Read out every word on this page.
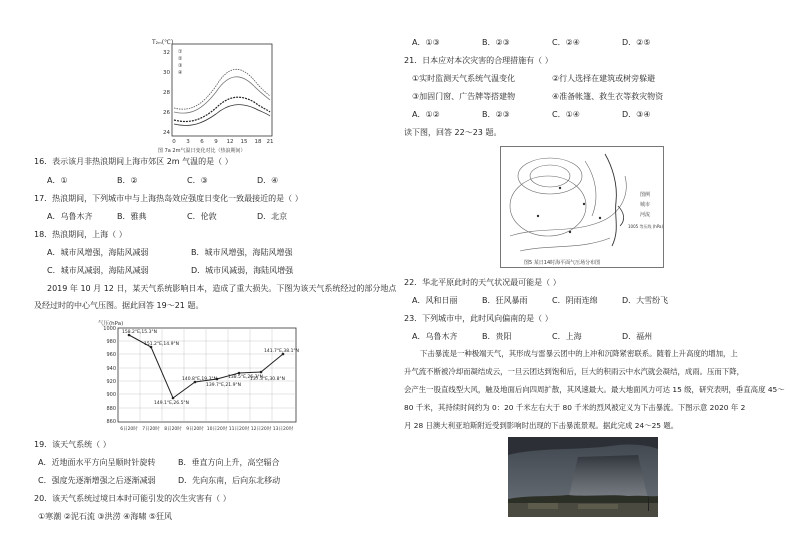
T₂ₘ(℃)
32
30
28
26
24
0 3 6 9 12 15 18 21
①
②
③
④
图 7a 2m气温日变化对比（热浪期间）
16．表示该月非热浪期间上海市郊区 2m 气温的是（ ）
A．①	B．②	C．③	D．④
17．热浪期间，下列城市中与上海热岛效应强度日变化一致最接近的是（ ）
A．乌鲁木齐	B．雅典	C．伦敦	D．北京
18．热浪期间，上海（ ）
A．城市风增强，海陆风减弱	B．城市风增强，海陆风增强
C．城市风减弱，海陆风减弱	D．城市风减弱，海陆风增强
2019 年 10 月 12 日，某天气系统影响日本，造成了重大损失。下图为该天气系统经过的部分地点
及经过时的中心气压图。据此回答 19～21 题。
气压(hPa)
1000
980
960
940
920
900
880
860
6日20时 7日20时 8日20时 9日20时 10日20时 11日20时 12日20时 13日20时
158.2°E,15.3°N
151.2°E,14.9°N
149.1°E,26.5°N
140.8°E,19.3°N
139.7°E,21.9°N
138.5°E,26.3°N
137.3°E,30.8°N
141.7°E,38.1°N
19．该天气系统（ ）
A．近地面水平方向呈顺时针旋转	B．垂直方向上升，高空辐合
C．强度先逐渐增强之后逐渐减弱	D．先向东南，后向东北移动
20．该天气系统过境日本时可能引发的次生灾害有（ ）
①寒潮 ②泥石流 ③洪涝 ④海啸 ⑤狂风
A．①③	B．②③	C．②④	D．②⑤
21．日本应对本次灾害的合理措施有（ ）
①实时监测天气系统气温变化	②行人选择在建筑或树旁躲避
③加固门窗、广告牌等搭建物	④准备帐篷、救生衣等救灾物资
A．①②	B．②③	C．①④	D．③④
读下图，回答 22～23 题。
图例
城市
河流
1005 等压线 (hPa)
图5 某日14时海平面气压场分布图
22．华北平原此时的天气状况最可能是（ ）
A．风和日丽	B．狂风暴雨	C．阴雨连绵	D．大雪纷飞
23．下列城市中，此时风向偏南的是（ ）
A．乌鲁木齐	B．贵阳	C．上海	D．福州
下击暴流是一种极端天气，其形成与雷暴云团中的上冲和沉降紧密联系。随着上升高度的增加，上
升气流不断被冷却而凝结成云，一旦云团达到饱和后，巨大的积雨云中水汽就会凝结，成雨。压而下降，
会产生一股直线型大风，触及地面后向四周扩散，其风速最大。最大地面风力可达 15 级，研究表明，垂直高度 45～
80 千米，其持续时间约为 0：20 千米左右大于 80 千米的烈风被定义为下击暴流。下图示意 2020 年 2
月 28 日澳大利亚珀斯附近受到影响时出现的下击暴流景观。据此完成 24～25 题。
